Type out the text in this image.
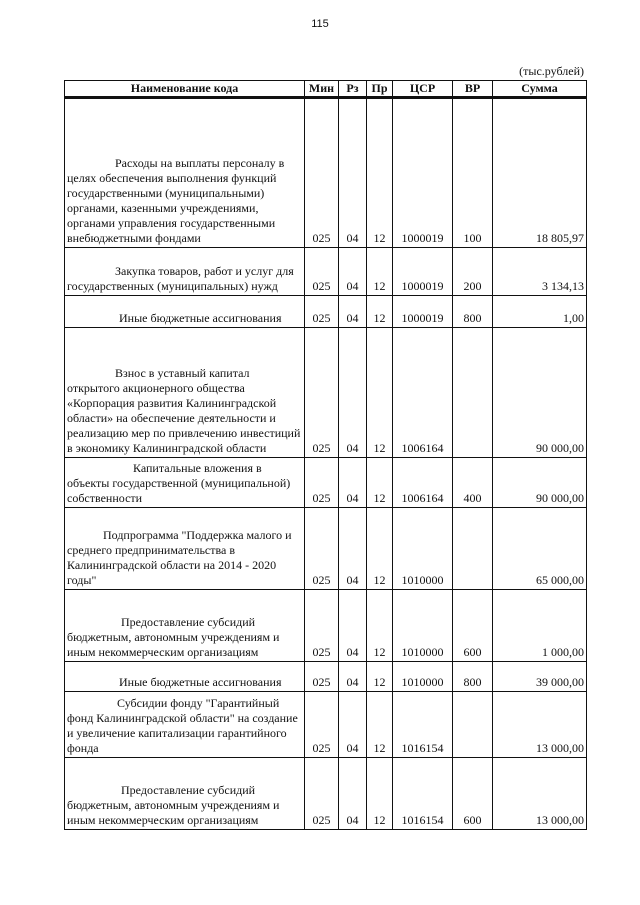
115
(тыс.рублей)
Наименование кода	Мин	Рз	Пр	ЦСР	ВР	Сумма
Расходы на выплаты персоналу в целях обеспечения выполнения функций государственными (муниципальными) органами, казенными учреждениями, органами управления государственными внебюджетными фондами	025	04	12	1000019	100	18 805,97
Закупка товаров, работ и услуг для государственных (муниципальных) нужд	025	04	12	1000019	200	3 134,13
Иные бюджетные ассигнования	025	04	12	1000019	800	1,00
Взнос в уставный капитал открытого акционерного общества «Корпорация развития Калининградской области» на обеспечение деятельности и реализацию мер по привлечению инвестиций в экономику Калининградской области	025	04	12	1006164		90 000,00
Капитальные вложения в объекты государственной (муниципальной) собственности	025	04	12	1006164	400	90 000,00
Подпрограмма "Поддержка малого и среднего предпринимательства в Калининградской области на 2014 - 2020 годы"	025	04	12	1010000		65 000,00
Предоставление субсидий бюджетным, автономным учреждениям и иным некоммерческим организациям	025	04	12	1010000	600	1 000,00
Иные бюджетные ассигнования	025	04	12	1010000	800	39 000,00
Субсидии фонду "Гарантийный фонд Калининградской области" на создание и увеличение капитализации гарантийного фонда	025	04	12	1016154		13 000,00
Предоставление субсидий бюджетным, автономным учреждениям и иным некоммерческим организациям	025	04	12	1016154	600	13 000,00
